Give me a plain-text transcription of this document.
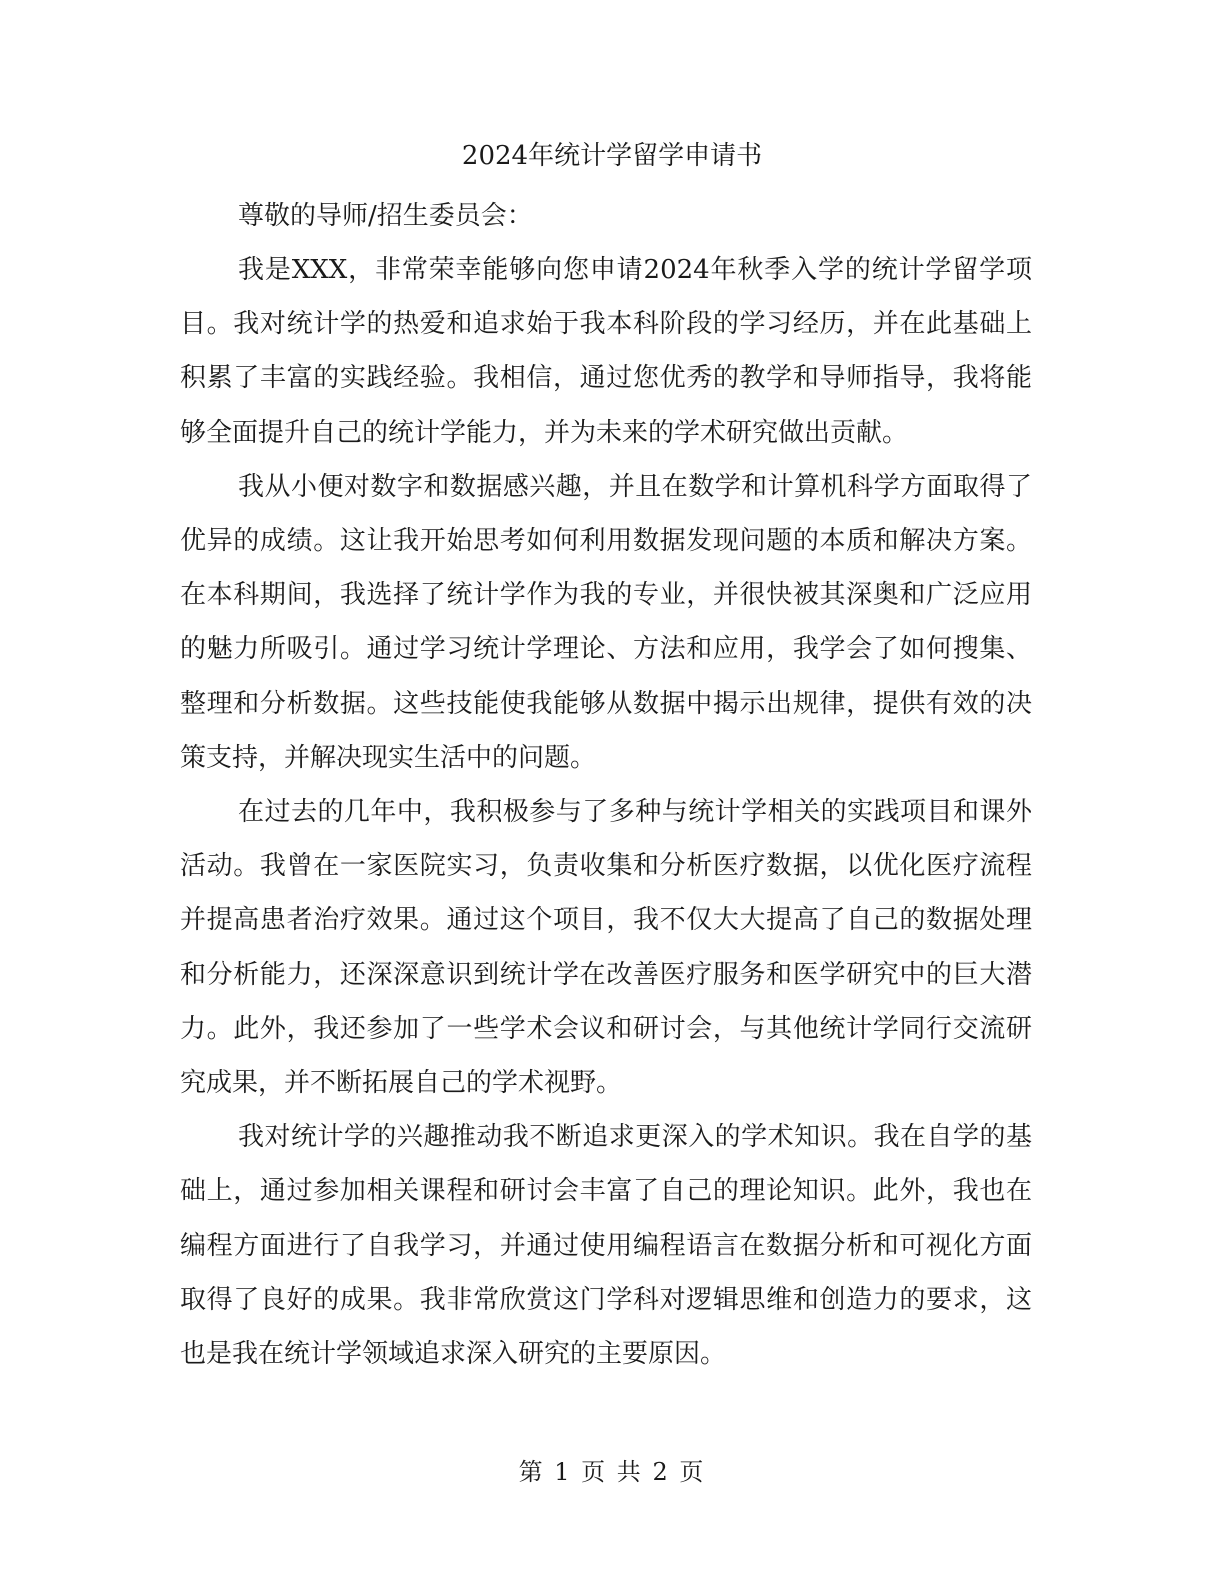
2024年统计学留学申请书

尊敬的导师/招生委员会：

我是XXX，非常荣幸能够向您申请2024年秋季入学的统计学留学项目。我对统计学的热爱和追求始于我本科阶段的学习经历，并在此基础上积累了丰富的实践经验。我相信，通过您优秀的教学和导师指导，我将能够全面提升自己的统计学能力，并为未来的学术研究做出贡献。

我从小便对数字和数据感兴趣，并且在数学和计算机科学方面取得了优异的成绩。这让我开始思考如何利用数据发现问题的本质和解决方案。在本科期间，我选择了统计学作为我的专业，并很快被其深奥和广泛应用的魅力所吸引。通过学习统计学理论、方法和应用，我学会了如何搜集、整理和分析数据。这些技能使我能够从数据中揭示出规律，提供有效的决策支持，并解决现实生活中的问题。

在过去的几年中，我积极参与了多种与统计学相关的实践项目和课外活动。我曾在一家医院实习，负责收集和分析医疗数据，以优化医疗流程并提高患者治疗效果。通过这个项目，我不仅大大提高了自己的数据处理和分析能力，还深深意识到统计学在改善医疗服务和医学研究中的巨大潜力。此外，我还参加了一些学术会议和研讨会，与其他统计学同行交流研究成果，并不断拓展自己的学术视野。

我对统计学的兴趣推动我不断追求更深入的学术知识。我在自学的基础上，通过参加相关课程和研讨会丰富了自己的理论知识。此外，我也在编程方面进行了自我学习，并通过使用编程语言在数据分析和可视化方面取得了良好的成果。我非常欣赏这门学科对逻辑思维和创造力的要求，这也是我在统计学领域追求深入研究的主要原因。

第 1 页 共 2 页
